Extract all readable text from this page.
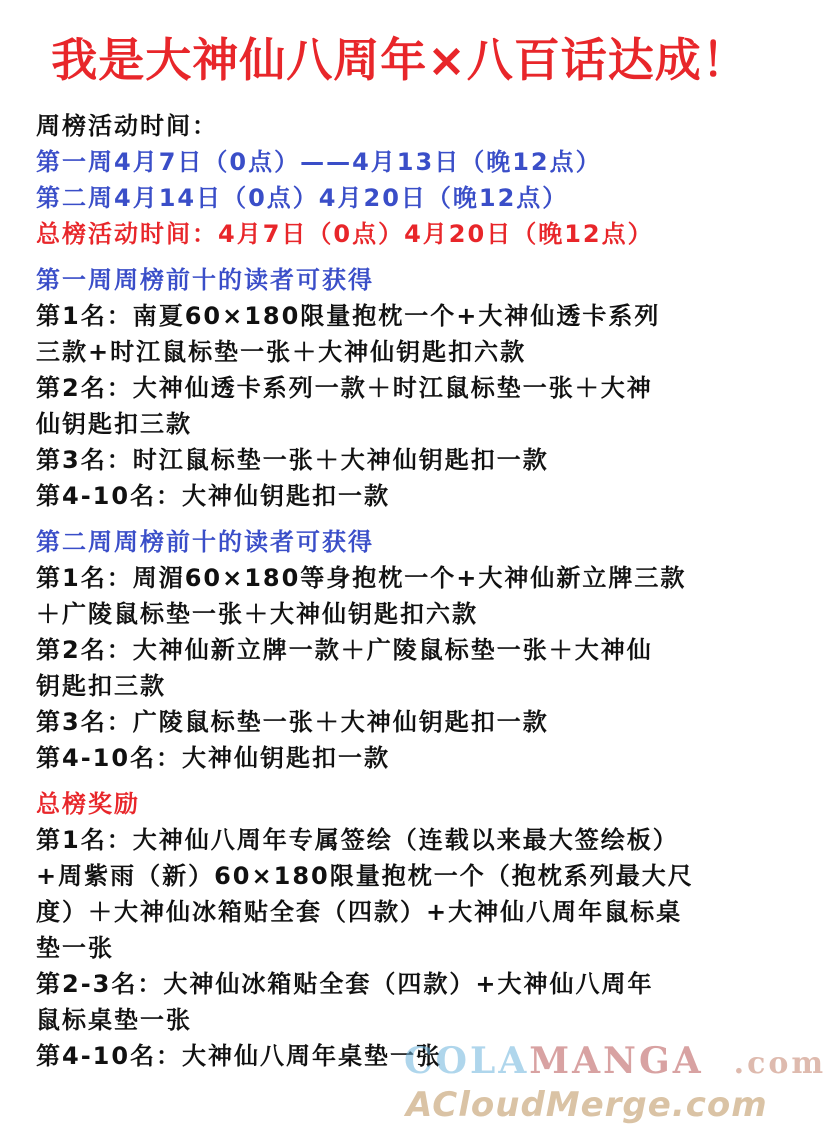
我是大神仙八周年×八百话达成！
周榜活动时间：
第一周4月7日（0点）——4月13日（晚12点）
第二周4月14日（0点）4月20日（晚12点）
总榜活动时间：4月7日（0点）4月20日（晚12点）
第一周周榜前十的读者可获得
第1名：南夏60×180限量抱枕一个+大神仙透卡系列
三款+时江鼠标垫一张＋大神仙钥匙扣六款
第2名：大神仙透卡系列一款＋时江鼠标垫一张＋大神
仙钥匙扣三款
第3名：时江鼠标垫一张＋大神仙钥匙扣一款
第4-10名：大神仙钥匙扣一款
第二周周榜前十的读者可获得
第1名：周湄60×180等身抱枕一个+大神仙新立牌三款
＋广陵鼠标垫一张＋大神仙钥匙扣六款
第2名：大神仙新立牌一款＋广陵鼠标垫一张＋大神仙
钥匙扣三款
第3名：广陵鼠标垫一张＋大神仙钥匙扣一款
第4-10名：大神仙钥匙扣一款
总榜奖励
第1名：大神仙八周年专属签绘（连载以来最大签绘板）
+周紫雨（新）60×180限量抱枕一个（抱枕系列最大尺
度）＋大神仙冰箱贴全套（四款）+大神仙八周年鼠标桌
垫一张
第2-3名：大神仙冰箱贴全套（四款）+大神仙八周年
鼠标桌垫一张
第4-10名：大神仙八周年桌垫一张
COLAMANGA .com
ACloudMerge.com
